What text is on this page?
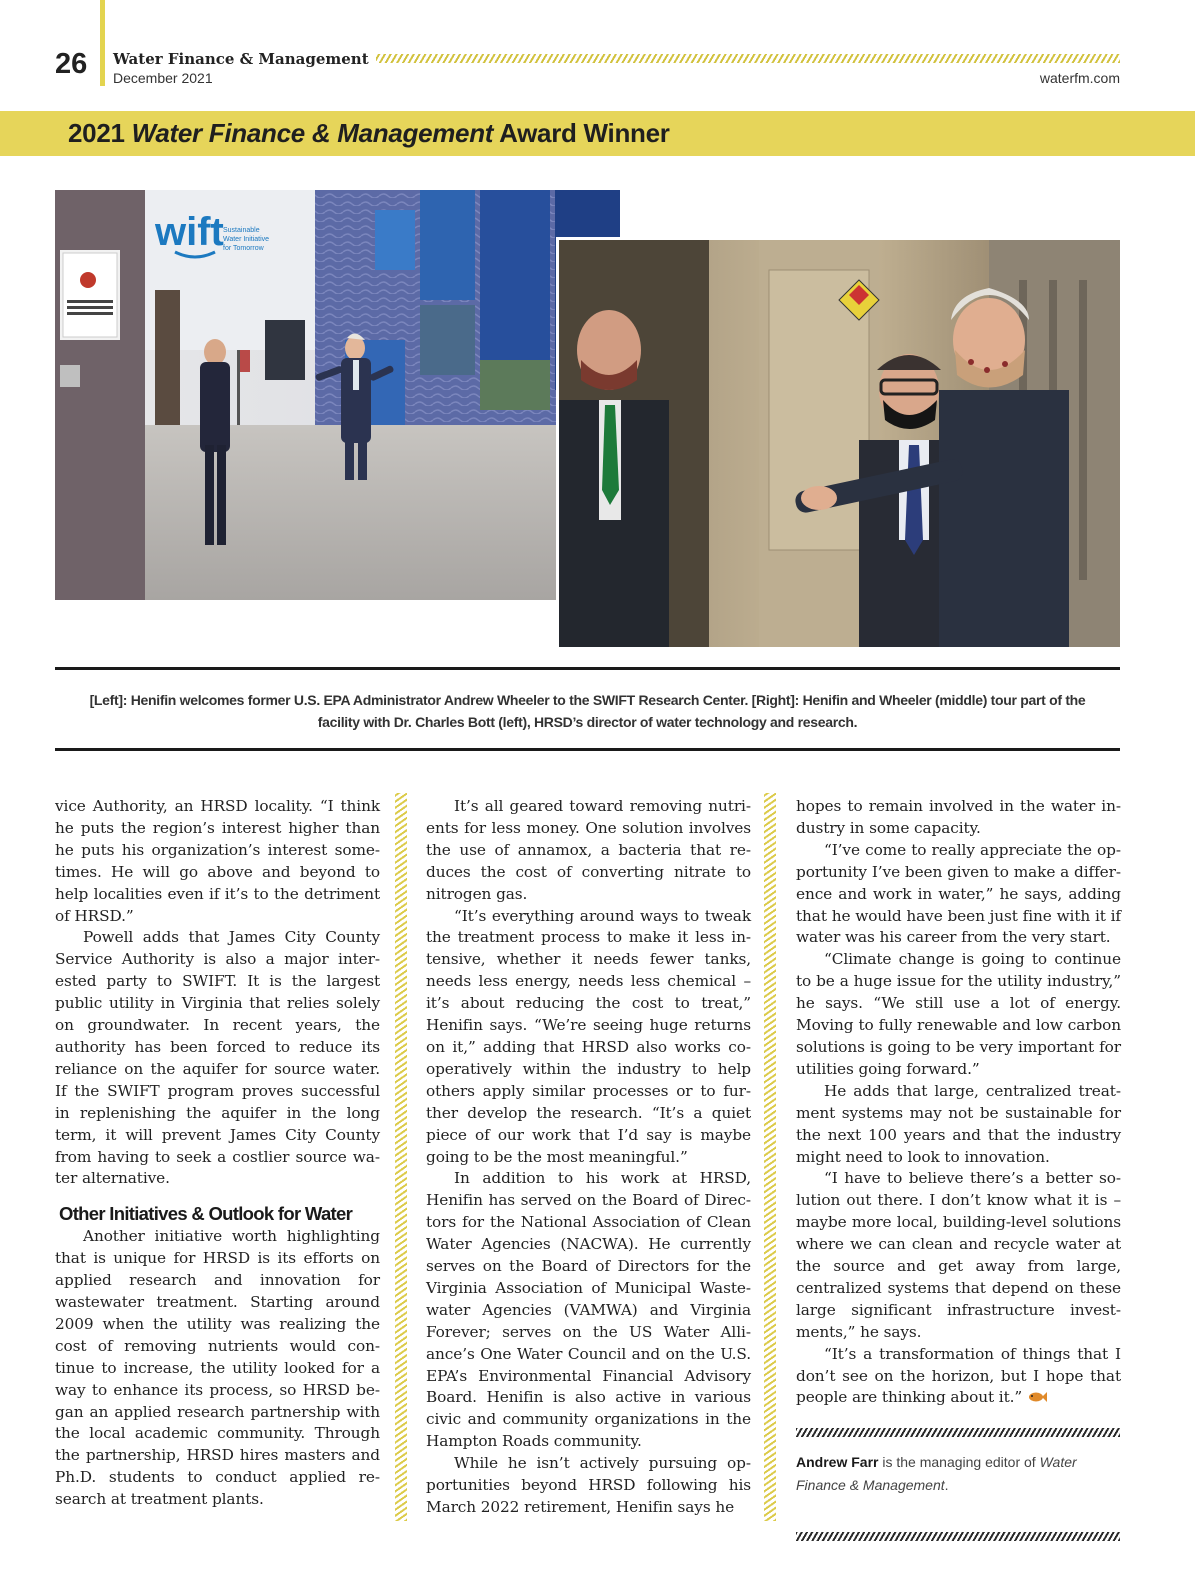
26 Water Finance & Management
December 2021	waterfm.com
2021 Water Finance & Management Award Winner
wift Sustainable
Water Initiative
for Tomorrow
[Left]: Henifin welcomes former U.S. EPA Administrator Andrew Wheeler to the SWIFT Research Center. [Right]: Henifin and Wheeler (middle) tour part of the facility with Dr. Charles Bott (left), HRSD’s director of water technology and research.

vice Authority, an HRSD locality. “I think he puts the region’s interest higher than he puts his organization’s interest sometimes. He will go above and beyond to help localities even if it’s to the detriment of HRSD.”

Powell adds that James City County Service Authority is also a major interested party to SWIFT. It is the largest public utility in Virginia that relies solely on groundwater. In recent years, the authority has been forced to reduce its reliance on the aquifer for source water. If the SWIFT program proves successful in replenishing the aquifer in the long term, it will prevent James City County from having to seek a costlier source water alternative.

Other Initiatives & Outlook for Water

Another initiative worth highlighting that is unique for HRSD is its efforts on applied research and innovation for wastewater treatment. Starting around 2009 when the utility was realizing the cost of removing nutrients would continue to increase, the utility looked for a way to enhance its process, so HRSD began an applied research partnership with the local academic community. Through the partnership, HRSD hires masters and Ph.D. students to conduct applied research at treatment plants.

It’s all geared toward removing nutrients for less money. One solution involves the use of annamox, a bacteria that reduces the cost of converting nitrate to nitrogen gas.

“It’s everything around ways to tweak the treatment process to make it less intensive, whether it needs fewer tanks, needs less energy, needs less chemical – it’s about reducing the cost to treat,” Henifin says. “We’re seeing huge returns on it,” adding that HRSD also works cooperatively within the industry to help others apply similar processes or to further develop the research. “It’s a quiet piece of our work that I’d say is maybe going to be the most meaningful.”

In addition to his work at HRSD, Henifin has served on the Board of Directors for the National Association of Clean Water Agencies (NACWA). He currently serves on the Board of Directors for the Virginia Association of Municipal Wastewater Agencies (VAMWA) and Virginia Forever; serves on the US Water Alliance’s One Water Council and on the U.S. EPA’s Environmental Financial Advisory Board. Henifin is also active in various civic and community organizations in the Hampton Roads community.

While he isn’t actively pursuing opportunities beyond HRSD following his March 2022 retirement, Henifin says he

hopes to remain involved in the water industry in some capacity.

“I’ve come to really appreciate the opportunity I’ve been given to make a difference and work in water,” he says, adding that he would have been just fine with it if water was his career from the very start.

“Climate change is going to continue to be a huge issue for the utility industry,” he says. “We still use a lot of energy. Moving to fully renewable and low carbon solutions is going to be very important for utilities going forward.”

He adds that large, centralized treatment systems may not be sustainable for the next 100 years and that the industry might need to look to innovation.

“I have to believe there’s a better solution out there. I don’t know what it is – maybe more local, building-level solutions where we can clean and recycle water at the source and get away from large, centralized systems that depend on these large significant infrastructure investments,” he says.

“It’s a transformation of things that I don’t see on the horizon, but I hope that people are thinking about it.”

Andrew Farr is the managing editor of Water Finance & Management.
